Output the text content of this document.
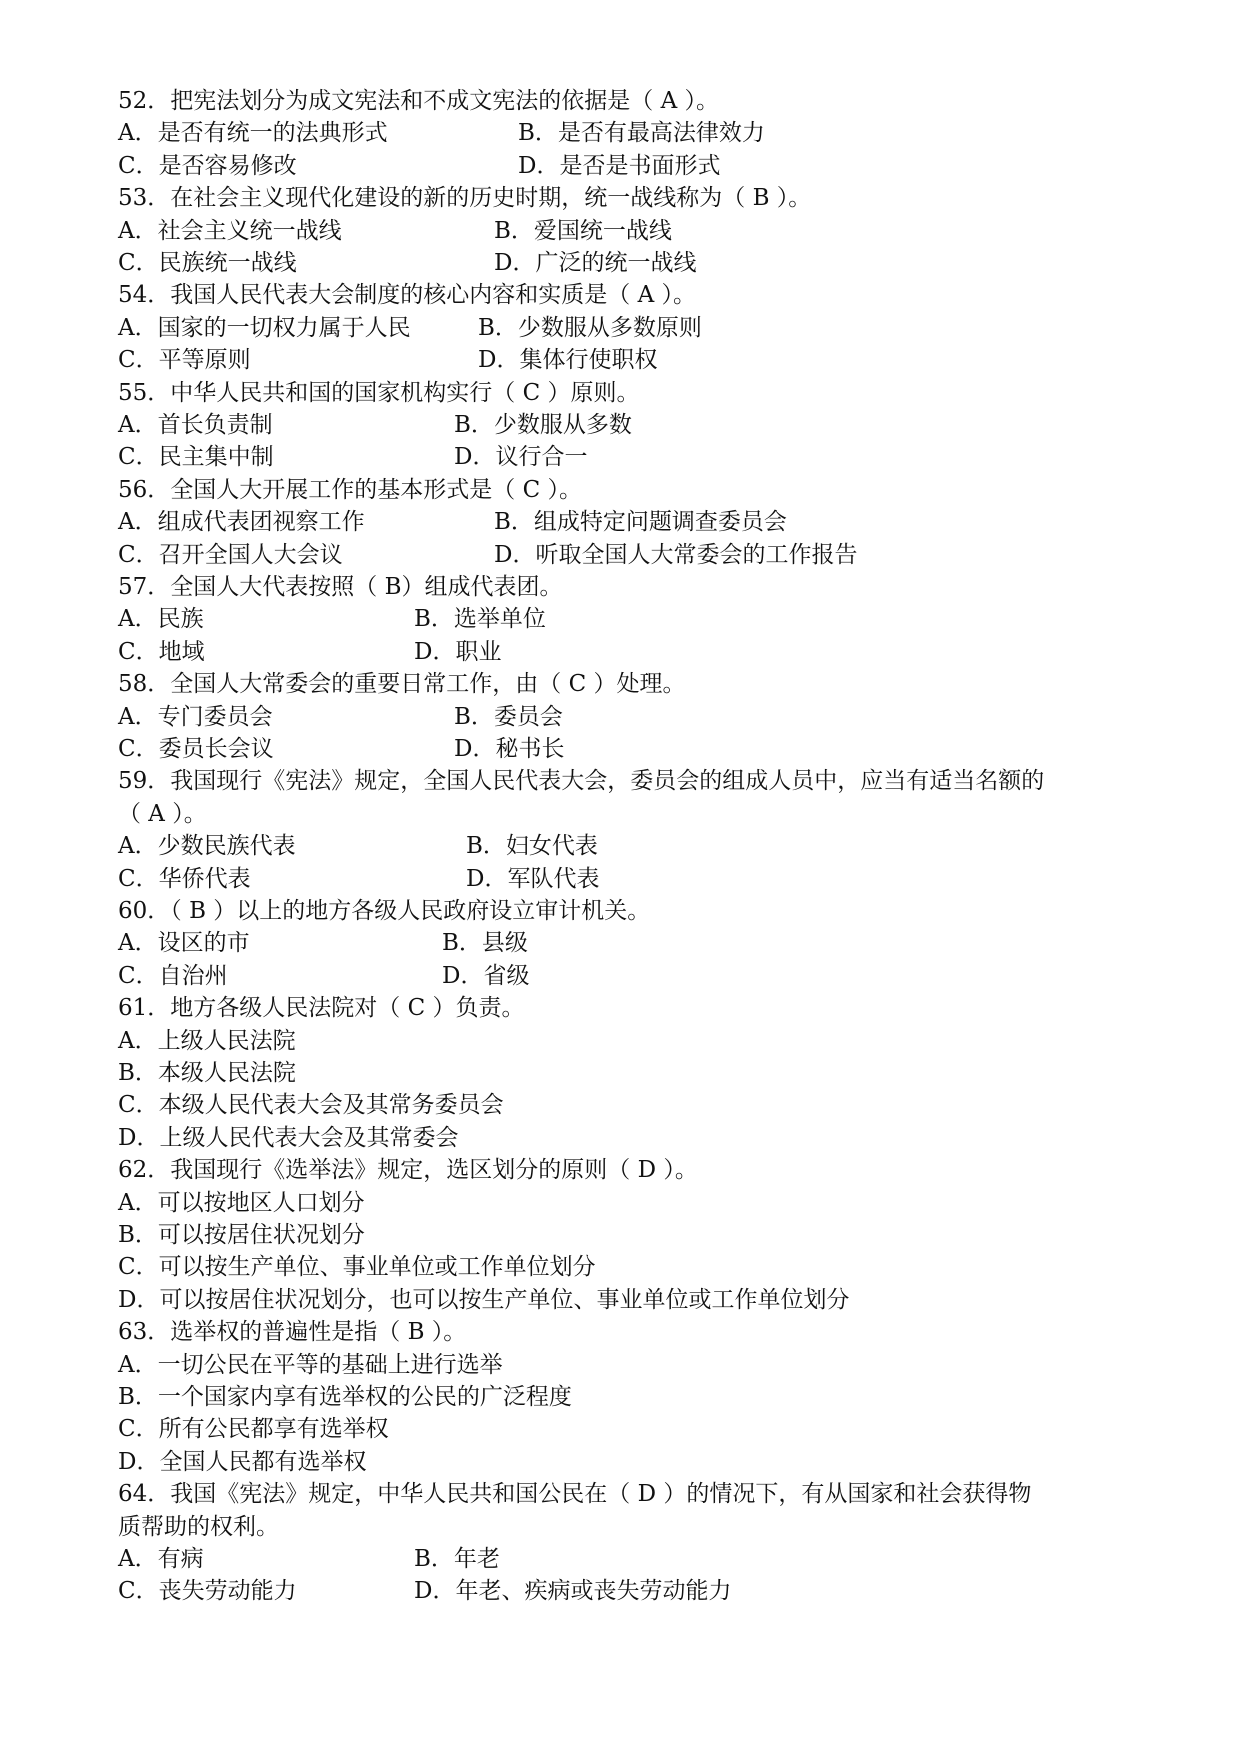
52．把宪法划分为成文宪法和不成文宪法的依据是（ A ）。
A．是否有统一的法典形式	B．是否有最高法律效力
C．是否容易修改	D．是否是书面形式
53．在社会主义现代化建设的新的历史时期，统一战线称为（ B ）。
A．社会主义统一战线	B．爱国统一战线
C．民族统一战线	D．广泛的统一战线
54．我国人民代表大会制度的核心内容和实质是（ A ）。
A．国家的一切权力属于人民	B．少数服从多数原则
C．平等原则	D．集体行使职权
55．中华人民共和国的国家机构实行（ C ）原则。
A．首长负责制	B．少数服从多数
C．民主集中制	D．议行合一
56．全国人大开展工作的基本形式是（ C ）。
A．组成代表团视察工作	B．组成特定问题调查委员会
C．召开全国人大会议	D．听取全国人大常委会的工作报告
57．全国人大代表按照（ B）组成代表团。
A．民族	B．选举单位
C．地域	D．职业
58．全国人大常委会的重要日常工作，由（ C ）处理。
A．专门委员会	B．委员会
C．委员长会议	D．秘书长
59．我国现行《宪法》规定，全国人民代表大会，委员会的组成人员中，应当有适当名额的
（ A ）。
A．少数民族代表	B．妇女代表
C．华侨代表	D．军队代表
60．（ B ）以上的地方各级人民政府设立审计机关。
A．设区的市	B．县级
C．自治州	D．省级
61．地方各级人民法院对（ C ）负责。
A．上级人民法院
B．本级人民法院
C．本级人民代表大会及其常务委员会
D．上级人民代表大会及其常委会
62．我国现行《选举法》规定，选区划分的原则（ D ）。
A．可以按地区人口划分
B．可以按居住状况划分
C．可以按生产单位、事业单位或工作单位划分
D．可以按居住状况划分，也可以按生产单位、事业单位或工作单位划分
63．选举权的普遍性是指（ B ）。
A．一切公民在平等的基础上进行选举
B．一个国家内享有选举权的公民的广泛程度
C．所有公民都享有选举权
D．全国人民都有选举权
64．我国《宪法》规定，中华人民共和国公民在（ D ）的情况下，有从国家和社会获得物
质帮助的权利。
A．有病	B．年老
C．丧失劳动能力	D．年老、疾病或丧失劳动能力
